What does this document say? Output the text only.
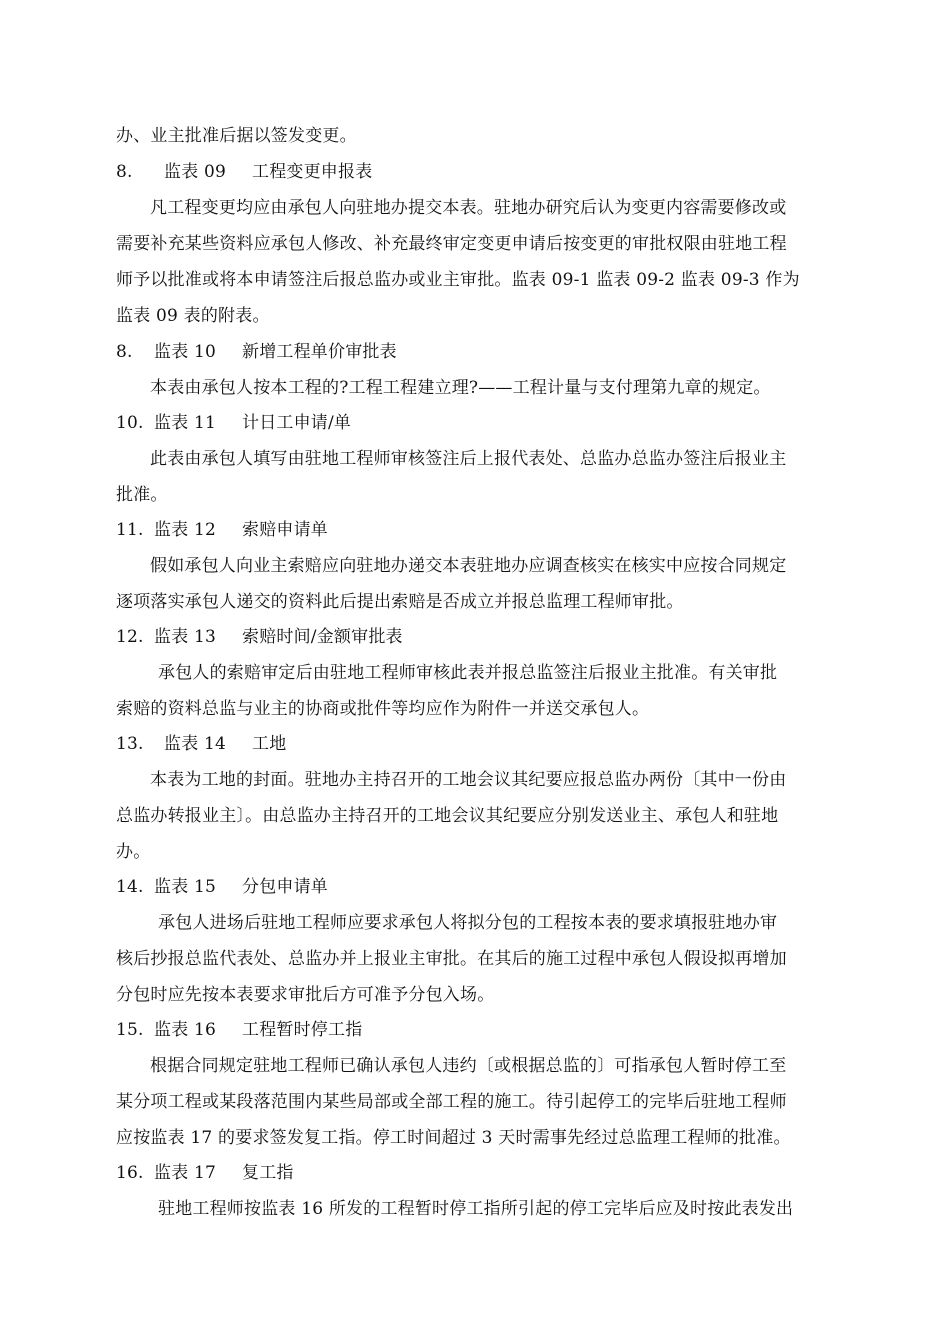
办、业主批准后据以签发变更。
8. 监表 09 工程变更申报表
凡工程变更均应由承包人向驻地办提交本表。驻地办研究后认为变更内容需要修改或
需要补充某些资料应承包人修改、补充最终审定变更申请后按变更的审批权限由驻地工程
师予以批准或将本申请签注后报总监办或业主审批。监表 09-1 监表 09-2 监表 09-3 作为
监表 09 表的附表。
8. 监表 10 新增工程单价审批表
本表由承包人按本工程的?工程工程建立理?——工程计量与支付理第九章的规定。
10. 监表 11 计日工申请/单
此表由承包人填写由驻地工程师审核签注后上报代表处、总监办总监办签注后报业主
批准。
11. 监表 12 索赔申请单
假如承包人向业主索赔应向驻地办递交本表驻地办应调查核实在核实中应按合同规定
逐项落实承包人递交的资料此后提出索赔是否成立并报总监理工程师审批。
12. 监表 13 索赔时间/金额审批表
承包人的索赔审定后由驻地工程师审核此表并报总监签注后报业主批准。有关审批
索赔的资料总监与业主的协商或批件等均应作为附件一并送交承包人。
13. 监表 14 工地
本表为工地的封面。驻地办主持召开的工地会议其纪要应报总监办两份〔其中一份由
总监办转报业主〕。由总监办主持召开的工地会议其纪要应分别发送业主、承包人和驻地
办。
14. 监表 15 分包申请单
承包人进场后驻地工程师应要求承包人将拟分包的工程按本表的要求填报驻地办审
核后抄报总监代表处、总监办并上报业主审批。在其后的施工过程中承包人假设拟再增加
分包时应先按本表要求审批后方可准予分包入场。
15. 监表 16 工程暂时停工指
根据合同规定驻地工程师已确认承包人违约〔或根据总监的〕可指承包人暂时停工至
某分项工程或某段落范围内某些局部或全部工程的施工。待引起停工的完毕后驻地工程师
应按监表 17 的要求签发复工指。停工时间超过 3 天时需事先经过总监理工程师的批准。
16. 监表 17 复工指
驻地工程师按监表 16 所发的工程暂时停工指所引起的停工完毕后应及时按此表发出
